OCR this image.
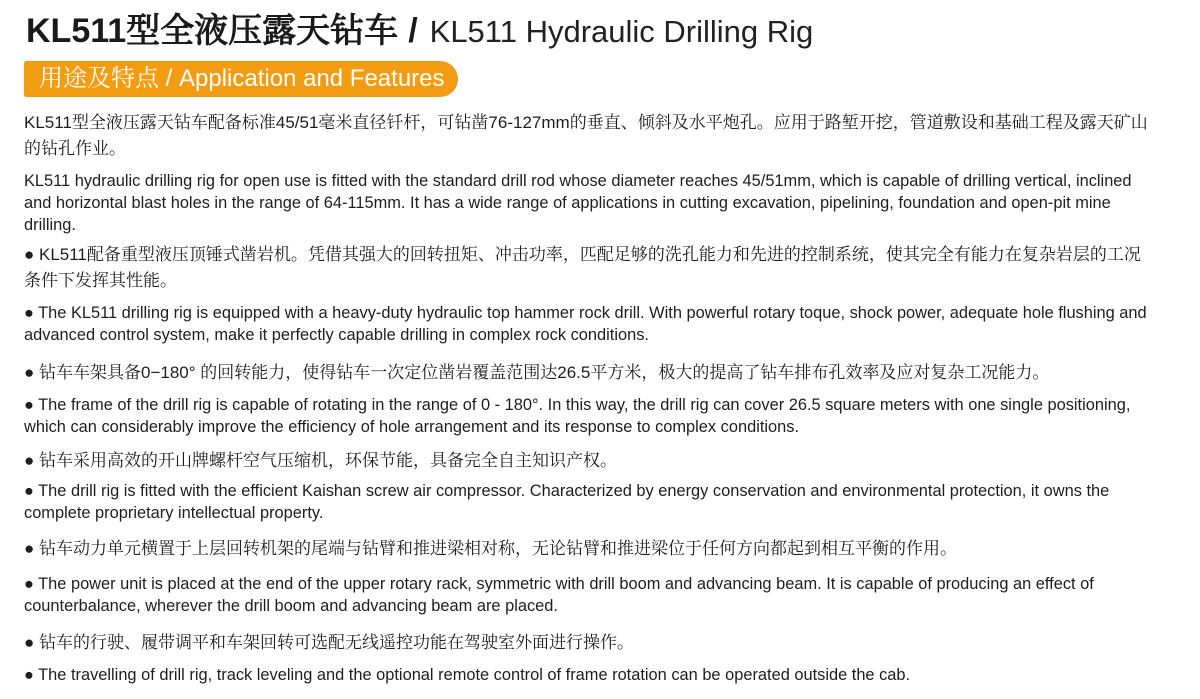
KL511型全液压露天钻车 / KL511 Hydraulic Drilling Rig
用途及特点 / Application and Features

KL511型全液压露天钻车配备标准45/51毫米直径钎杆，可钻凿76-127mm的垂直、倾斜及水平炮孔。应用于路堑开挖，管道敷设和基础工程及露天矿山的钻孔作业。

KL511 hydraulic drilling rig for open use is fitted with the standard drill rod whose diameter reaches 45/51mm, which is capable of drilling vertical, inclined and horizontal blast holes in the range of 64-115mm. It has a wide range of applications in cutting excavation, pipelining, foundation and open-pit mine drilling.

● KL511配备重型液压顶锤式凿岩机。凭借其强大的回转扭矩、冲击功率，匹配足够的洗孔能力和先进的控制系统，使其完全有能力在复杂岩层的工况条件下发挥其性能。

● The KL511 drilling rig is equipped with a heavy-duty hydraulic top hammer rock drill. With powerful rotary toque, shock power, adequate hole flushing and advanced control system, make it perfectly capable drilling in complex rock conditions.

● 钻车车架具备0−180° 的回转能力，使得钻车一次定位凿岩覆盖范围达26.5平方米，极大的提高了钻车排布孔效率及应对复杂工况能力。

● The frame of the drill rig is capable of rotating in the range of 0 - 180°. In this way, the drill rig can cover 26.5 square meters with one single positioning, which can considerably improve the efficiency of hole arrangement and its response to complex conditions.

● 钻车采用高效的开山牌螺杆空气压缩机，环保节能，具备完全自主知识产权。

● The drill rig is fitted with the efficient Kaishan screw air compressor. Characterized by energy conservation and environmental protection, it owns the complete proprietary intellectual property.

● 钻车动力单元横置于上层回转机架的尾端与钻臂和推进梁相对称，无论钻臂和推进梁位于任何方向都起到相互平衡的作用。

● The power unit is placed at the end of the upper rotary rack, symmetric with drill boom and advancing beam. It is capable of producing an effect of counterbalance, wherever the drill boom and advancing beam are placed.

● 钻车的行驶、履带调平和车架回转可选配无线遥控功能在驾驶室外面进行操作。

● The travelling of drill rig, track leveling and the optional remote control of frame rotation can be operated outside the cab.
